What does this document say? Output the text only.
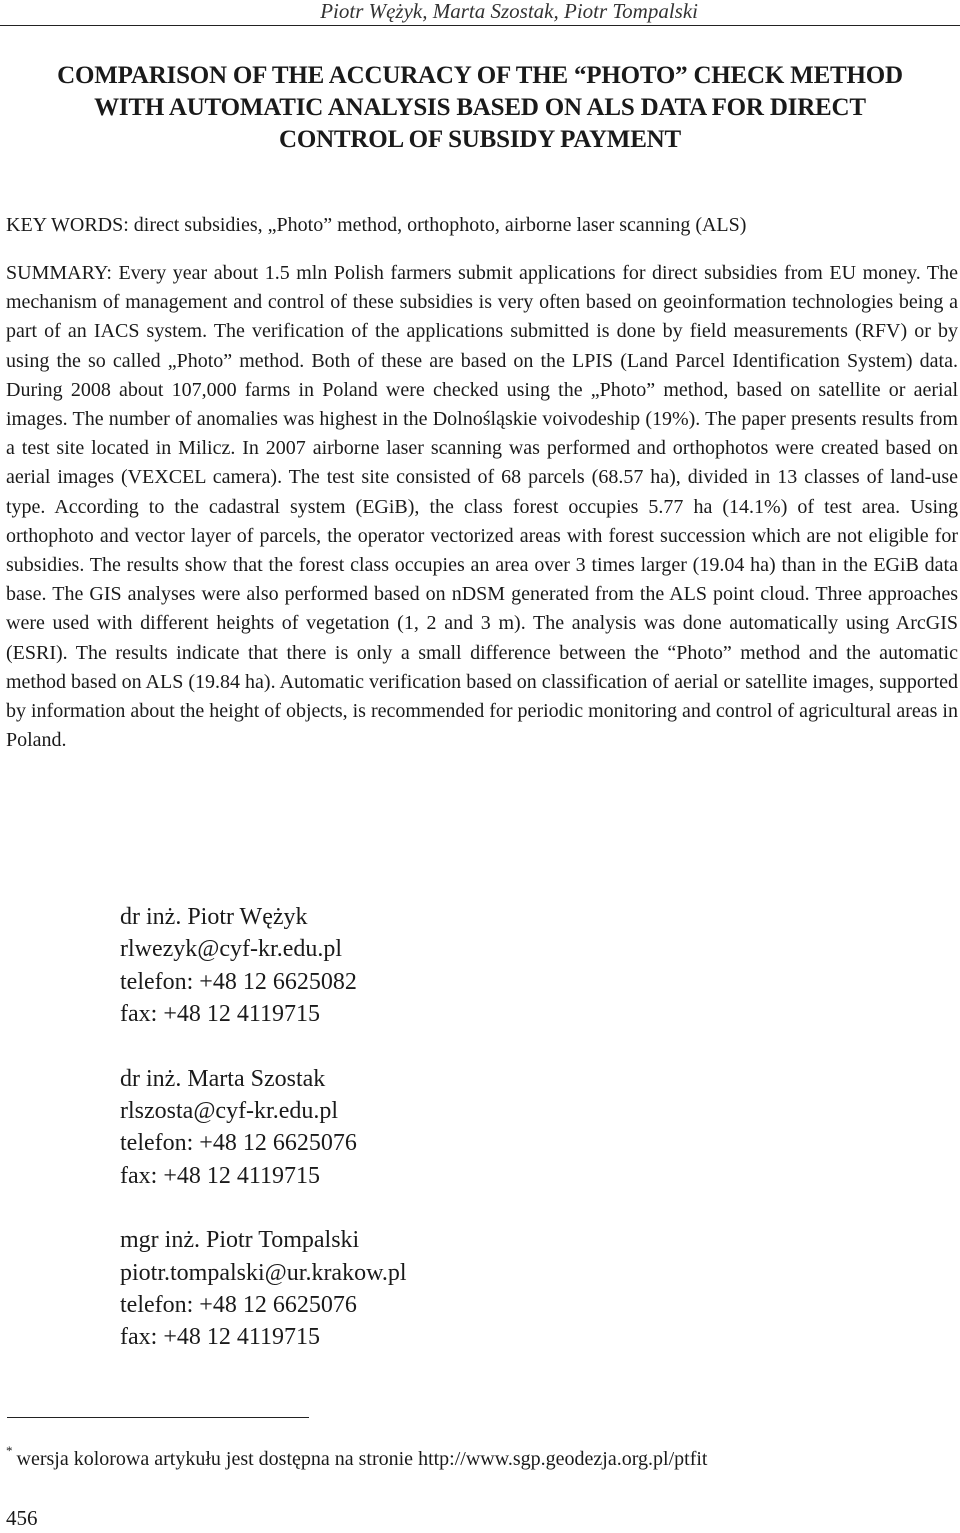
Piotr Wężyk, Marta Szostak, Piotr Tompalski
COMPARISON OF THE ACCURACY OF THE “PHOTO” CHECK METHOD
WITH AUTOMATIC ANALYSIS BASED ON ALS DATA FOR DIRECT
CONTROL OF SUBSIDY PAYMENT
KEY WORDS: direct subsidies, „Photo” method, orthophoto, airborne laser scanning (ALS)
SUMMARY: Every year about 1.5 mln Polish farmers submit applications for direct subsidies from EU money. The mechanism of management and control of these subsidies is very often based on geoinformation technologies being a part of an IACS system. The verification of the applications submitted is done by field measurements (RFV) or by using the so called „Photo” method. Both of these are based on the LPIS (Land Parcel Identification System) data. During 2008 about 107,000 farms in Poland were checked using the „Photo” method, based on satellite or aerial images. The number of anomalies was highest in the Dolnośląskie voivodeship (19%). The paper presents results from a test site located in Milicz. In 2007 airborne laser scanning was performed and orthophotos were created based on aerial images (VEXCEL camera). The test site consisted of 68 parcels (68.57 ha), divided in 13 classes of land-use type. According to the cadastral system (EGiB), the class forest occupies 5.77 ha (14.1%) of test area. Using orthophoto and vector layer of parcels, the operator vectorized areas with forest succession which are not eligible for subsidies. The results show that the forest class occupies an area over 3 times larger (19.04 ha) than in the EGiB data base. The GIS analyses were also performed based on nDSM generated from the ALS point cloud. Three approaches were used with different heights of vegetation (1, 2 and 3 m). The analysis was done automatically using ArcGIS (ESRI). The results indicate that there is only a small difference between the “Photo” method and the automatic method based on ALS (19.84 ha). Automatic verification based on classification of aerial or satellite images, supported by information about the height of objects, is recommended for periodic monitoring and control of agricultural areas in Poland.
dr inż. Piotr Wężyk
rlwezyk@cyf-kr.edu.pl
telefon: +48 12 6625082
fax: +48 12 4119715
dr inż. Marta Szostak
rlszosta@cyf-kr.edu.pl
telefon: +48 12 6625076
fax: +48 12 4119715
mgr inż. Piotr Tompalski
piotr.tompalski@ur.krakow.pl
telefon: +48 12 6625076
fax: +48 12 4119715
* wersja kolorowa artykułu jest dostępna na stronie http://www.sgp.geodezja.org.pl/ptfit
456
